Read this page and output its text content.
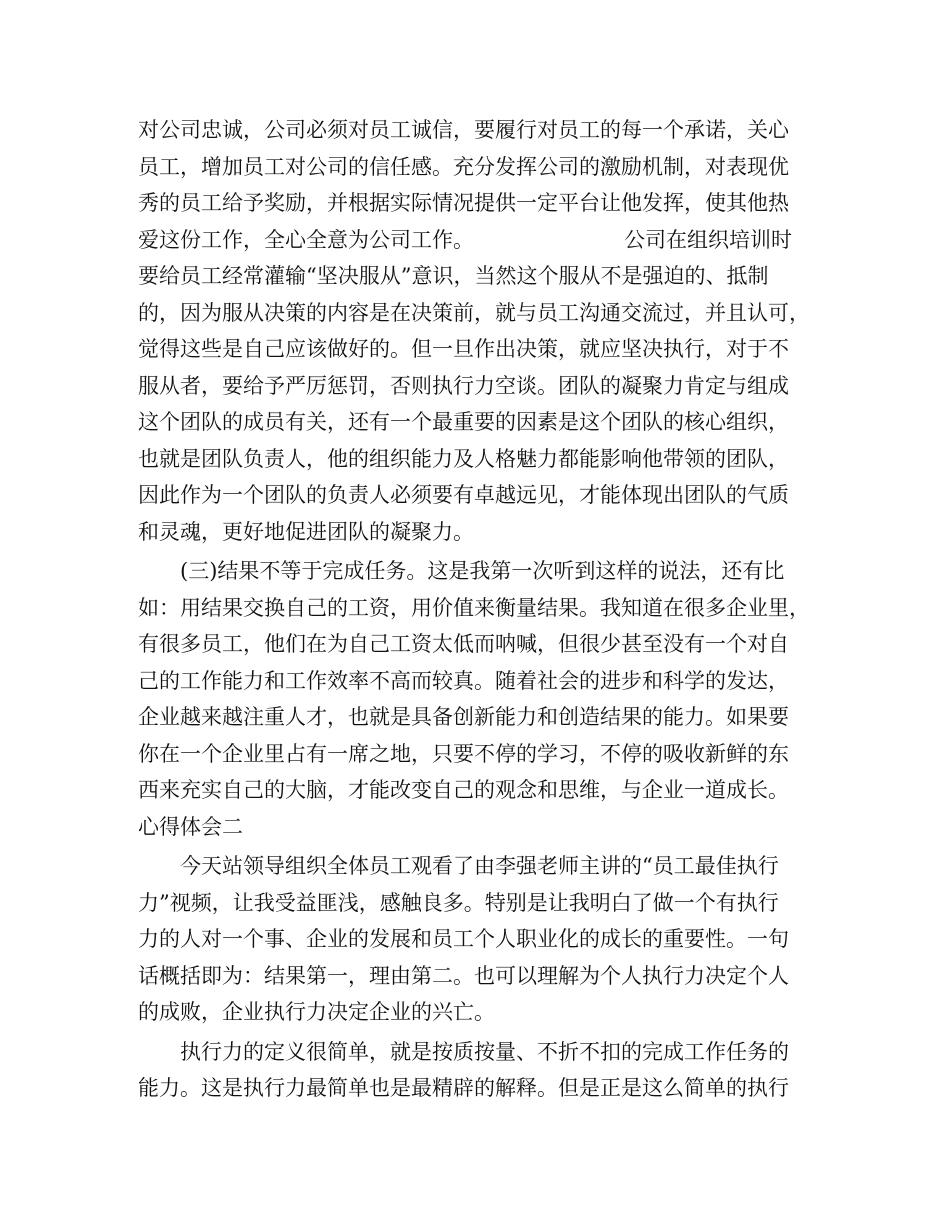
对公司忠诚，公司必须对员工诚信，要履行对员工的每一个承诺，关心
员工，增加员工对公司的信任感。充分发挥公司的激励机制，对表现优
秀的员工给予奖励，并根据实际情况提供一定平台让他发挥，使其他热
爱这份工作，全心全意为公司工作。	公司在组织培训时
要给员工经常灌输“坚决服从”意识，当然这个服从不是强迫的、抵制
的，因为服从决策的内容是在决策前，就与员工沟通交流过，并且认可，
觉得这些是自己应该做好的。但一旦作出决策，就应坚决执行，对于不
服从者，要给予严厉惩罚，否则执行力空谈。团队的凝聚力肯定与组成
这个团队的成员有关，还有一个最重要的因素是这个团队的核心组织，
也就是团队负责人，他的组织能力及人格魅力都能影响他带领的团队，
因此作为一个团队的负责人必须要有卓越远见，才能体现出团队的气质
和灵魂，更好地促进团队的凝聚力。
(三)结果不等于完成任务。这是我第一次听到这样的说法，还有比
如：用结果交换自己的工资，用价值来衡量结果。我知道在很多企业里，
有很多员工，他们在为自己工资太低而呐喊，但很少甚至没有一个对自
己的工作能力和工作效率不高而较真。随着社会的进步和科学的发达，
企业越来越注重人才，也就是具备创新能力和创造结果的能力。如果要
你在一个企业里占有一席之地，只要不停的学习，不停的吸收新鲜的东
西来充实自己的大脑，才能改变自己的观念和思维，与企业一道成长。
心得体会二
今天站领导组织全体员工观看了由李强老师主讲的“员工最佳执行
力”视频，让我受益匪浅，感触良多。特别是让我明白了做一个有执行
力的人对一个事、企业的发展和员工个人职业化的成长的重要性。一句
话概括即为：结果第一，理由第二。也可以理解为个人执行力决定个人
的成败，企业执行力决定企业的兴亡。
执行力的定义很简单，就是按质按量、不折不扣的完成工作任务的
能力。这是执行力最简单也是最精辟的解释。但是正是这么简单的执行
